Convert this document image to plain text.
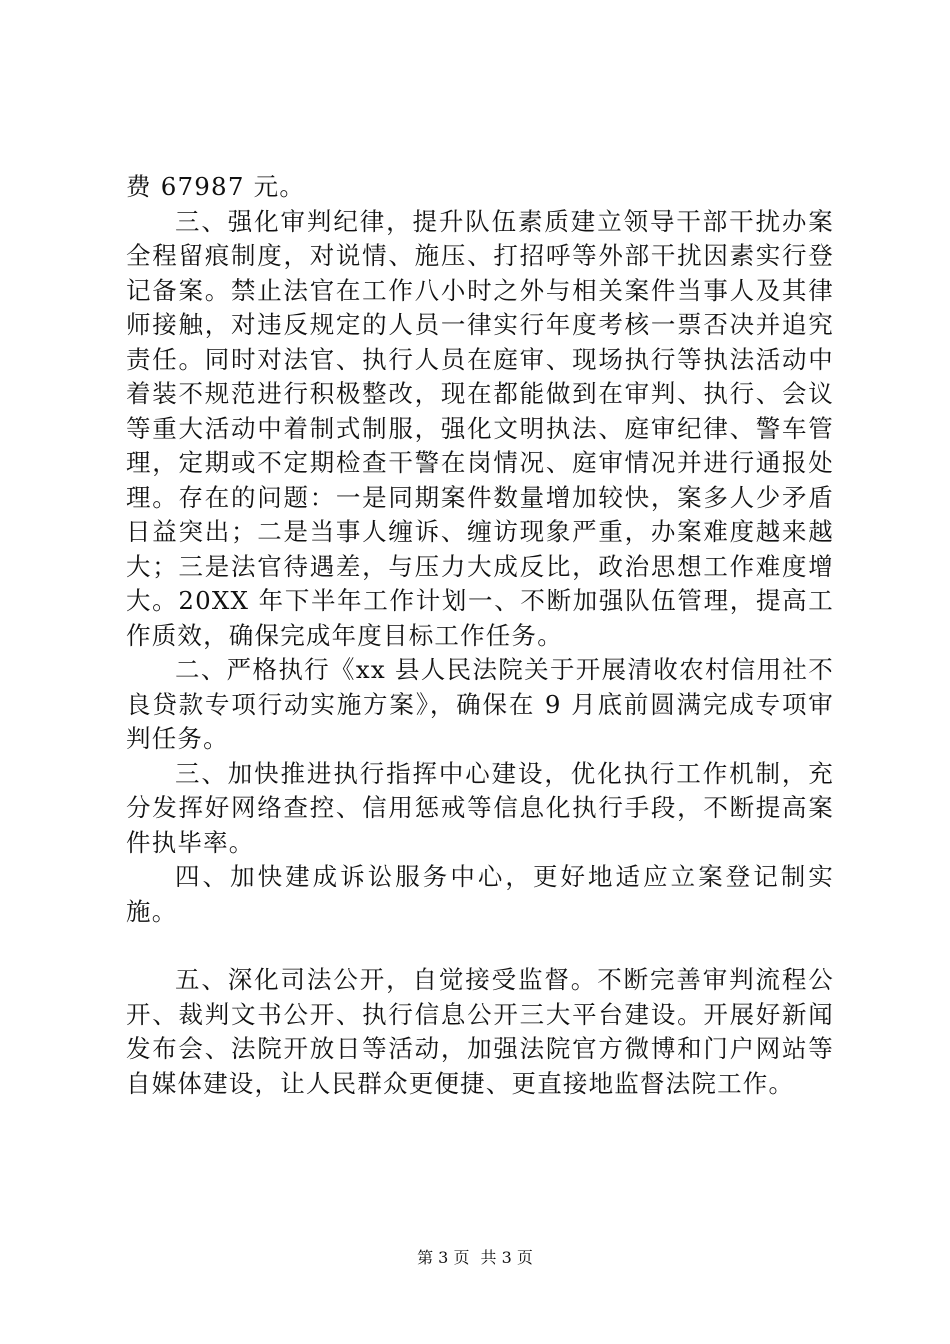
费 67987 元。

三、强化审判纪律，提升队伍素质建立领导干部干扰办案全程留痕制度，对说情、施压、打招呼等外部干扰因素实行登记备案。禁止法官在工作八小时之外与相关案件当事人及其律师接触，对违反规定的人员一律实行年度考核一票否决并追究责任。同时对法官、执行人员在庭审、现场执行等执法活动中着装不规范进行积极整改，现在都能做到在审判、执行、会议等重大活动中着制式制服，强化文明执法、庭审纪律、警车管理，定期或不定期检查干警在岗情况、庭审情况并进行通报处理。存在的问题：一是同期案件数量增加较快，案多人少矛盾日益突出；二是当事人缠诉、缠访现象严重，办案难度越来越大；三是法官待遇差，与压力大成反比，政治思想工作难度增大。20XX 年下半年工作计划一、不断加强队伍管理，提高工作质效，确保完成年度目标工作任务。

二、严格执行《xx 县人民法院关于开展清收农村信用社不良贷款专项行动实施方案》，确保在 9 月底前圆满完成专项审判任务。

三、加快推进执行指挥中心建设，优化执行工作机制，充分发挥好网络查控、信用惩戒等信息化执行手段，不断提高案件执毕率。

四、加快建成诉讼服务中心，更好地适应立案登记制实施。

五、深化司法公开，自觉接受监督。不断完善审判流程公开、裁判文书公开、执行信息公开三大平台建设。开展好新闻发布会、法院开放日等活动，加强法院官方微博和门户网站等自媒体建设，让人民群众更便捷、更直接地监督法院工作。

第 3 页 共 3 页
